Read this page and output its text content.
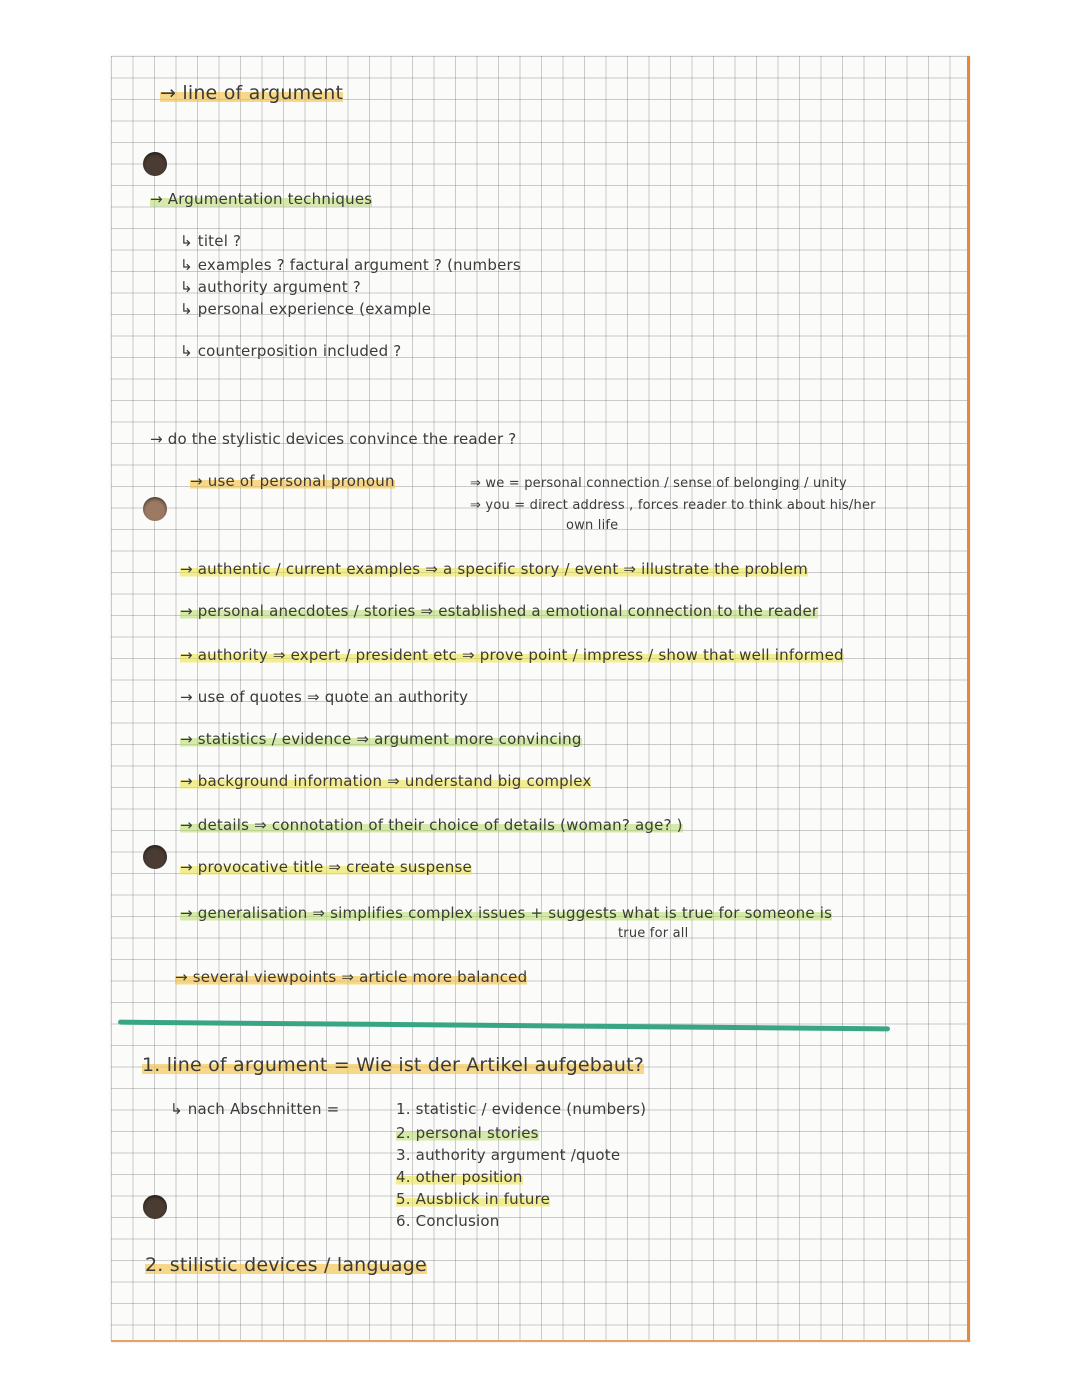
→ line of argument
→ Argumentation techniques
↳ titel ?
↳ examples ? factural argument ? (numbers
↳ authority argument ?
↳ personal experience (example
↳ counterposition included ?
→ do the stylistic devices convince the reader ?
→ use of personal pronoun	⇒ we = personal connection / sense of belonging / unity
⇒ you = direct address , forces reader to think about his/her
own life
→ authentic / current examples ⇒ a specific story / event ⇒ illustrate the problem
→ personal anecdotes / stories ⇒ established a emotional connection to the reader
→ authority ⇒ expert / president etc ⇒ prove point / impress / show that well informed
→ use of quotes ⇒ quote an authority
→ statistics / evidence ⇒ argument more convincing
→ background information ⇒ understand big complex
→ details ⇒ connotation of their choice of details (woman? age? )
→ provocative title ⇒ create suspense
→ generalisation ⇒ simplifies complex issues + suggests what is true for someone is
true for all
→ several viewpoints ⇒ article more balanced
1. line of argument = Wie ist der Artikel aufgebaut?
↳ nach Abschnitten =	1. statistic / evidence (numbers)
2. personal stories
3. authority argument /quote
4. other position
5. Ausblick in future
6. Conclusion
2. stilistic devices / language
